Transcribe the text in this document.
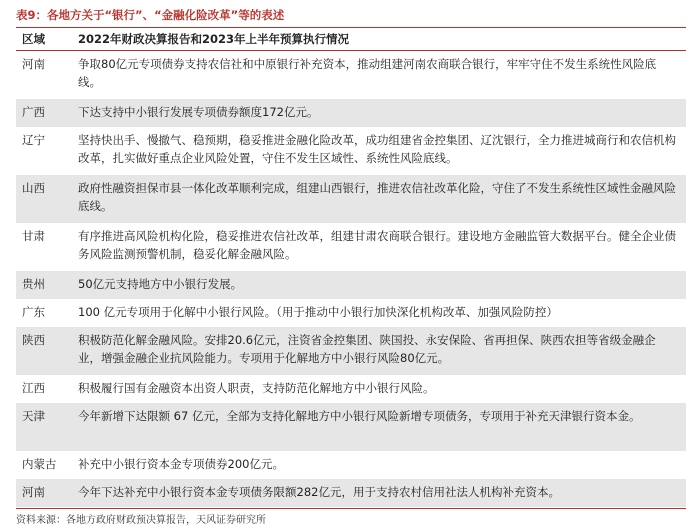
表9：各地方关于“银行”、“金融化险改革”等的表述
区域	2022年财政决算报告和2023年上半年预算执行情况
河南	争取80亿元专项债券支持农信社和中原银行补充资本，推动组建河南农商联合银行，牢牢守住不发生系统性风险底线。
广西	下达支持中小银行发展专项债券额度172亿元。
辽宁	坚持快出手、慢撤气、稳预期，稳妥推进金融化险改革，成功组建省金控集团、辽沈银行，全力推进城商行和农信机构改革，扎实做好重点企业风险处置，守住不发生区域性、系统性风险底线。
山西	政府性融资担保市县一体化改革顺利完成，组建山西银行，推进农信社改革化险，守住了不发生系统性区域性金融风险底线。
甘肃	有序推进高风险机构化险，稳妥推进农信社改革，组建甘肃农商联合银行。建设地方金融监管大数据平台。健全企业债务风险监测预警机制，稳妥化解金融风险。
贵州	50亿元支持地方中小银行发展。
广东	100 亿元专项用于化解中小银行风险。（用于推动中小银行加快深化机构改革、加强风险防控）
陕西	积极防范化解金融风险。安排20.6亿元，注资省金控集团、陕国投、永安保险、省再担保、陕西农担等省级金融企业，增强金融企业抗风险能力。专项用于化解地方中小银行风险80亿元。
江西	积极履行国有金融资本出资人职责，支持防范化解地方中小银行风险。
天津	今年新增下达限额 67 亿元，全部为支持化解地方中小银行风险新增专项债务，专项用于补充天津银行资本金。
内蒙古	补充中小银行资本金专项债券200亿元。
河南	今年下达补充中小银行资本金专项债务限额282亿元，用于支持农村信用社法人机构补充资本。
资料来源：各地方政府财政预决算报告，天风证券研究所
